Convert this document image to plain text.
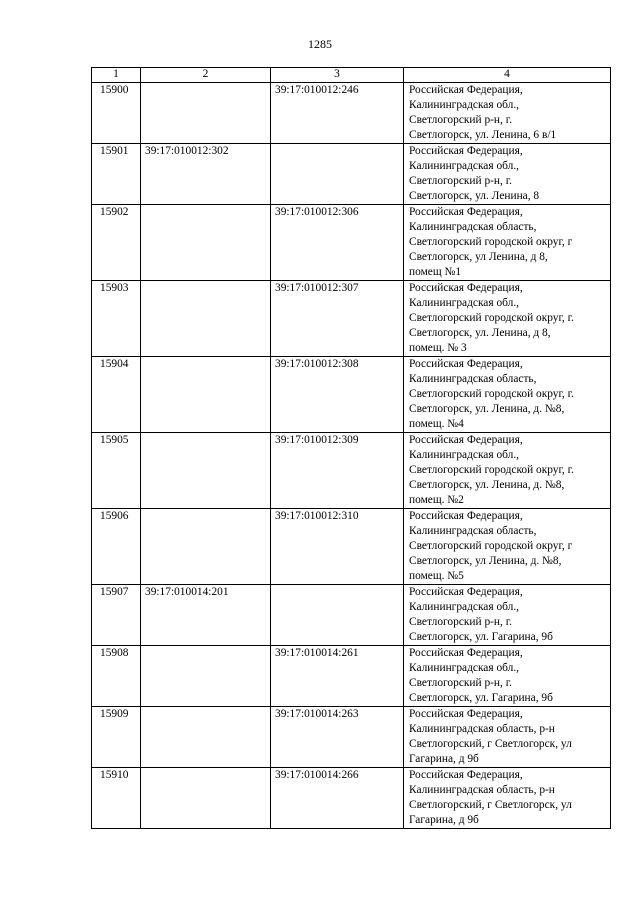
1285
1	2	3	4
15900		39:17:010012:246	Российская Федерация,
Калининградская обл.,
Светлогорский р-н, г.
Светлогорск, ул. Ленина, 6 в/1

15901	39:17:010012:302		Российская Федерация,
Калининградская обл.,
Светлогорский р-н, г.
Светлогорск, ул. Ленина, 8

15902		39:17:010012:306	Российская Федерация,
Калининградская область,
Светлогорский городской округ, г
Светлогорск, ул Ленина, д 8,
помещ №1

15903		39:17:010012:307	Российская Федерация,
Калининградская обл.,
Светлогорский городской округ, г.
Светлогорск, ул. Ленина, д 8,
помещ. № 3

15904		39:17:010012:308	Российская Федерация,
Калининградская область,
Светлогорский городской округ, г.
Светлогорск, ул. Ленина, д. №8,
помещ. №4

15905		39:17:010012:309	Российская Федерация,
Калининградская обл.,
Светлогорский городской округ, г.
Светлогорск, ул. Ленина, д. №8,
помещ. №2

15906		39:17:010012:310	Российская Федерация,
Калининградская область,
Светлогорский городской округ, г
Светлогорск, ул Ленина, д. №8,
помещ. №5

15907	39:17:010014:201		Российская Федерация,
Калининградская обл.,
Светлогорский р-н, г.
Светлогорск, ул. Гагарина, 9б

15908		39:17:010014:261	Российская Федерация,
Калининградская обл.,
Светлогорский р-н, г.
Светлогорск, ул. Гагарина, 9б

15909		39:17:010014:263	Российская Федерация,
Калининградская область, р-н
Светлогорский, г Светлогорск, ул
Гагарина, д 9б

15910		39:17:010014:266	Российская Федерация,
Калининградская область, р-н
Светлогорский, г Светлогорск, ул
Гагарина, д 9б
